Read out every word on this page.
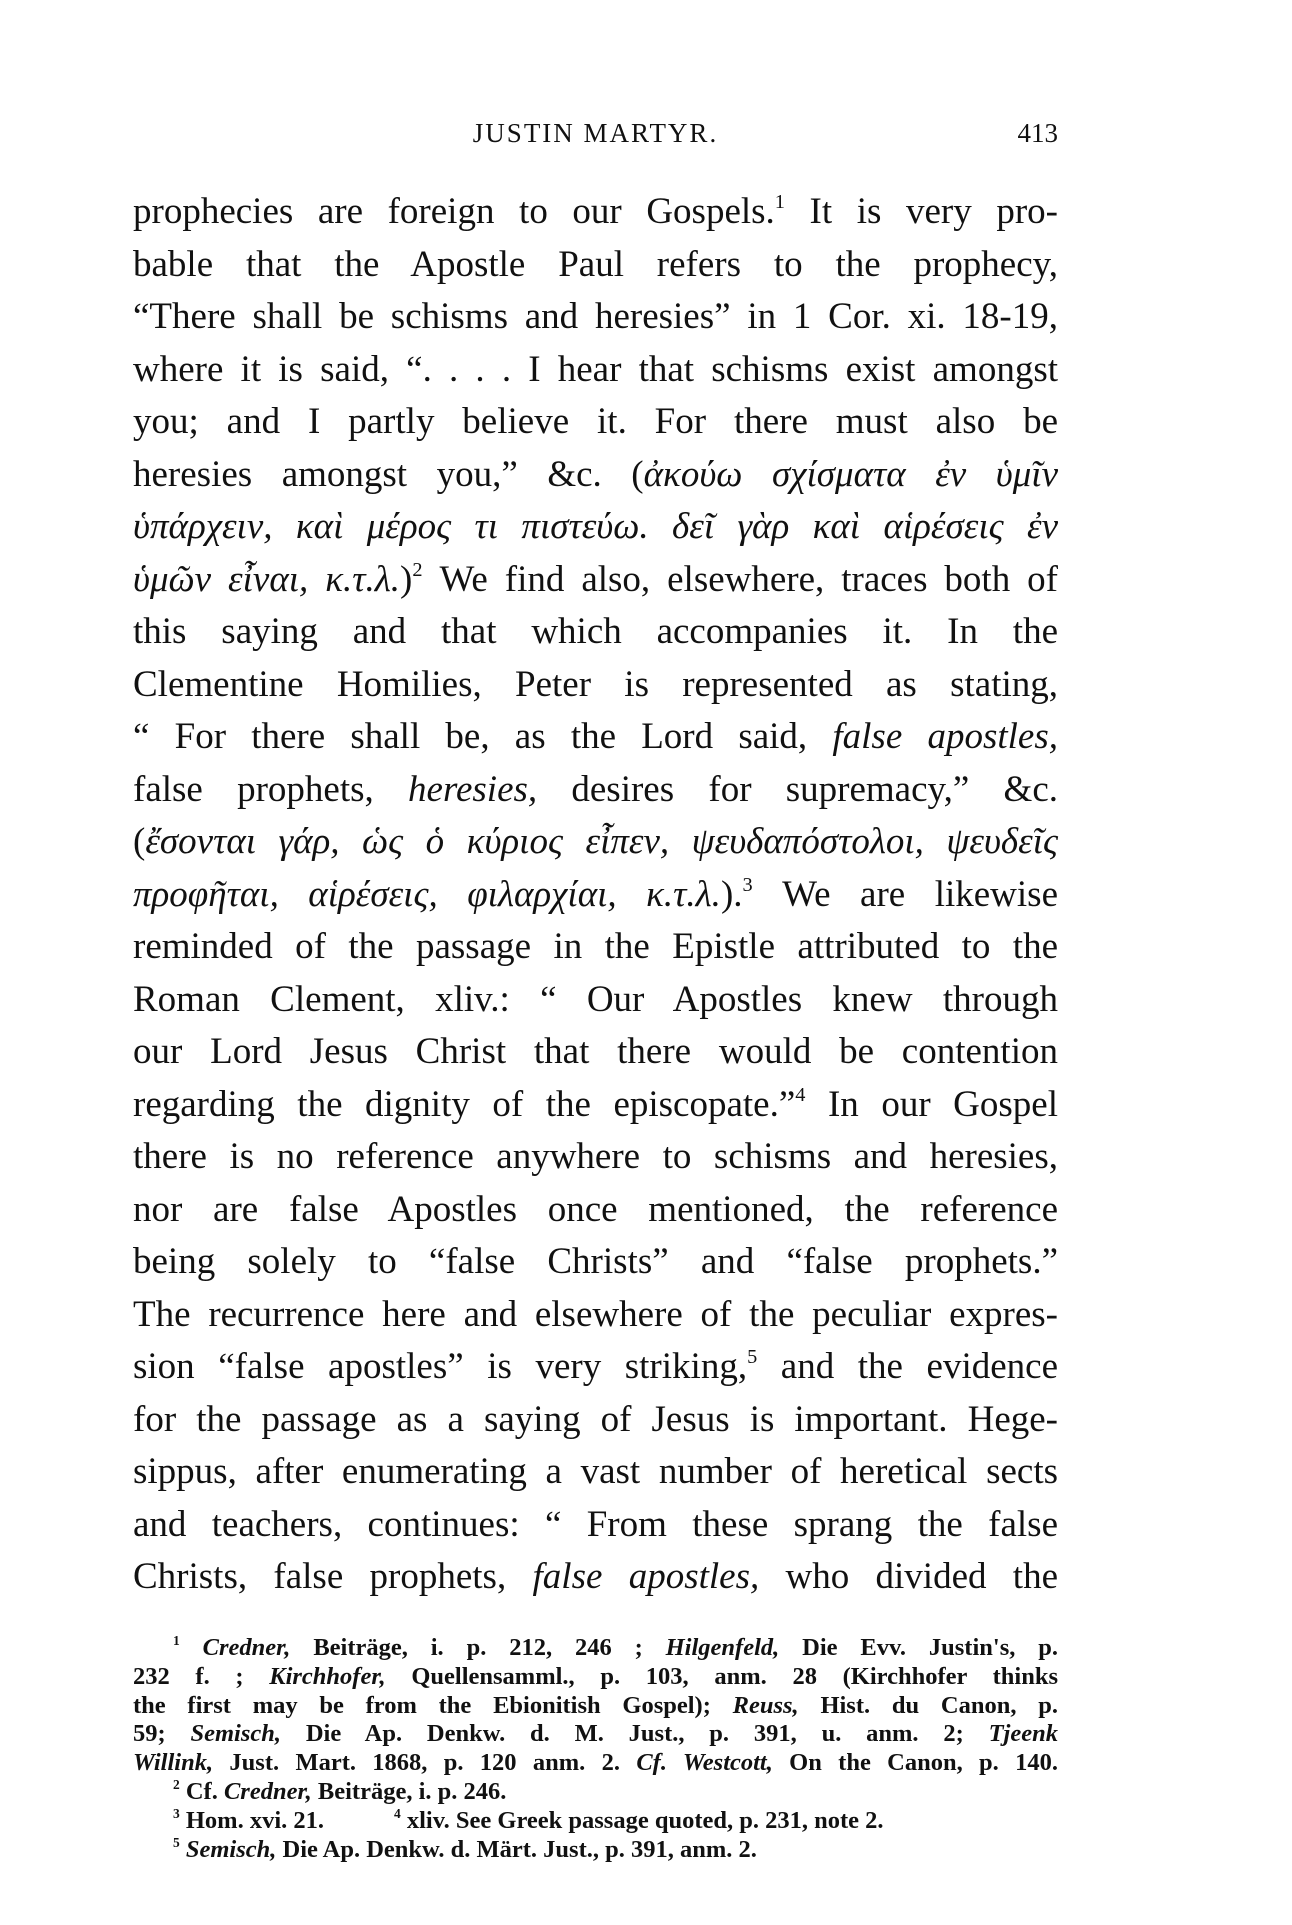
JUSTIN MARTYR.	413
prophecies are foreign to our Gospels.$^1$ It is very pro-
bable that the Apostle Paul refers to the prophecy,
“There shall be schisms and heresies” in 1 Cor. xi. 18-19,
where it is said, “. . . . I hear that schisms exist amongst
you; and I partly believe it. For there must also be
heresies amongst you,” &c. (ἀκούω σχίσματα ἐν ὑμῖν
ὑπάρχειν, καὶ μέρος τι πιστεύω. δεῖ γὰρ καὶ αἱρέσεις ἐν
ὑμῶν εἶναι, κ.τ.λ.)$^2$ We find also, elsewhere, traces both of
this saying and that which accompanies it. In the
Clementine Homilies, Peter is represented as stating,
“ For there shall be, as the Lord said, false apostles,
false prophets, heresies, desires for supremacy,” &c.
(ἔσονται γάρ, ὡς ὁ κύριος εἶπεν, ψευδαπόστολοι, ψευδεῖς
προφῆται, αἱρέσεις, φιλαρχίαι, κ.τ.λ.).$^3$ We are likewise
reminded of the passage in the Epistle attributed to the
Roman Clement, xliv.: “ Our Apostles knew through
our Lord Jesus Christ that there would be contention
regarding the dignity of the episcopate.”$^4$ In our Gospel
there is no reference anywhere to schisms and heresies,
nor are false Apostles once mentioned, the reference
being solely to “false Christs” and “false prophets.”
The recurrence here and elsewhere of the peculiar expres-
sion “false apostles” is very striking,$^5$ and the evidence
for the passage as a saying of Jesus is important. Hege-
sippus, after enumerating a vast number of heretical sects
and teachers, continues: “ From these sprang the false
Christs, false prophets, false apostles, who divided the
$^1$ Credner, Beiträge, i. p. 212, 246 ; Hilgenfeld, Die Evv. Justin's, p.
232 f. ; Kirchhofer, Quellensamml., p. 103, anm. 28 (Kirchhofer thinks
the first may be from the Ebionitish Gospel); Reuss, Hist. du Canon, p.
59; Semisch, Die Ap. Denkw. d. M. Just., p. 391, u. anm. 2; Tjeenk
Willink, Just. Mart. 1868, p. 120 anm. 2. Cf. Westcott, On the Canon, p. 140.
$^2$ Cf. Credner, Beiträge, i. p. 246.
$^3$ Hom. xvi. 21.	$^4$ xliv. See Greek passage quoted, p. 231, note 2.
$^5$ Semisch, Die Ap. Denkw. d. Märt. Just., p. 391, anm. 2.
